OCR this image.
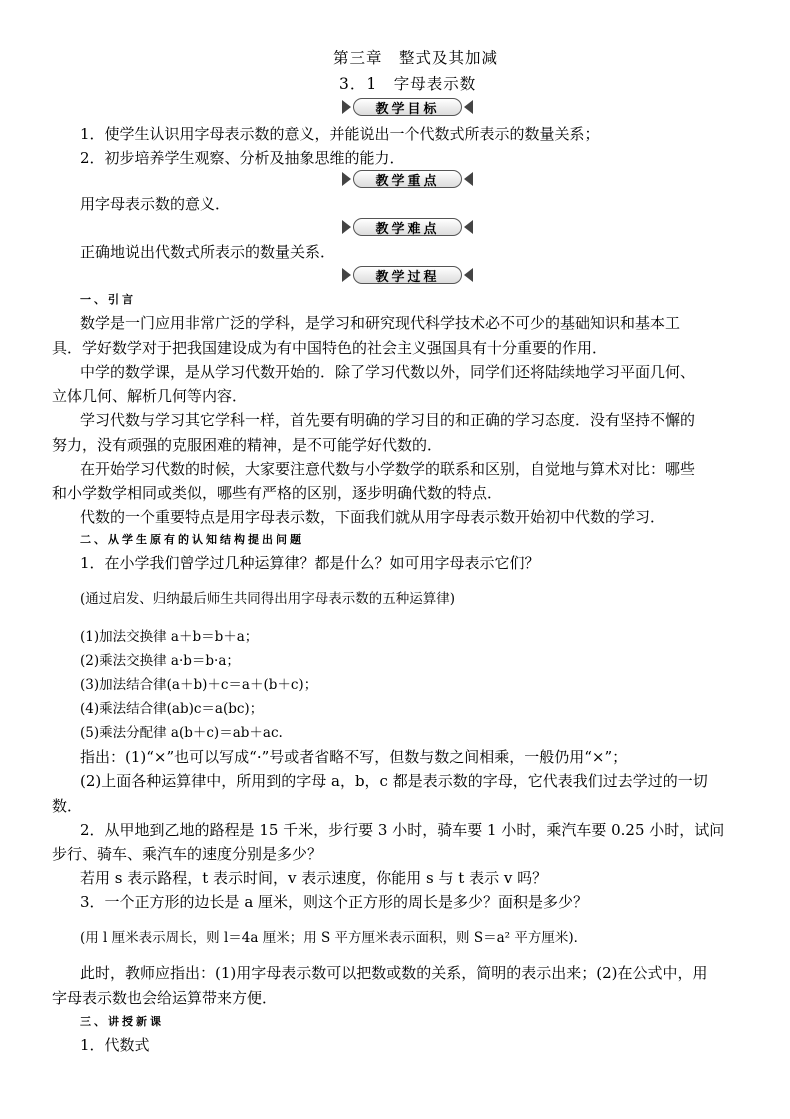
第三章　整式及其加减
3．1　字母表示数
教学目标
1．使学生认识用字母表示数的意义，并能说出一个代数式所表示的数量关系；
2．初步培养学生观察、分析及抽象思维的能力．
教学重点
用字母表示数的意义．
教学难点
正确地说出代数式所表示的数量关系．
教学过程
一、引言
数学是一门应用非常广泛的学科，是学习和研究现代科学技术必不可少的基础知识和基本工
具．学好数学对于把我国建设成为有中国特色的社会主义强国具有十分重要的作用．
中学的数学课，是从学习代数开始的．除了学习代数以外，同学们还将陆续地学习平面几何、
立体几何、解析几何等内容．
学习代数与学习其它学科一样，首先要有明确的学习目的和正确的学习态度．没有坚持不懈的
努力，没有顽强的克服困难的精神，是不可能学好代数的．
在开始学习代数的时候，大家要注意代数与小学数学的联系和区别，自觉地与算术对比：哪些
和小学数学相同或类似，哪些有严格的区别，逐步明确代数的特点．
代数的一个重要特点是用字母表示数，下面我们就从用字母表示数开始初中代数的学习．
二、从学生原有的认知结构提出问题
1．在小学我们曾学过几种运算律？都是什么？如可用字母表示它们？
(通过启发、归纳最后师生共同得出用字母表示数的五种运算律)
(1)加法交换律 a＋b＝b＋a；
(2)乘法交换律 a·b＝b·a；
(3)加法结合律(a＋b)＋c＝a＋(b＋c)；
(4)乘法结合律(ab)c＝a(bc)；
(5)乘法分配律 a(b＋c)＝ab＋ac.
指出：(1)“×”也可以写成“·”号或者省略不写，但数与数之间相乘，一般仍用“×”；
(2)上面各种运算律中，所用到的字母 a，b，c 都是表示数的字母，它代表我们过去学过的一切
数．
2．从甲地到乙地的路程是 15 千米，步行要 3 小时，骑车要 1 小时，乘汽车要 0.25 小时，试问
步行、骑车、乘汽车的速度分别是多少？
若用 s 表示路程，t 表示时间，v 表示速度，你能用 s 与 t 表示 v 吗？
3．一个正方形的边长是 a 厘米，则这个正方形的周长是多少？面积是多少？
(用 l 厘米表示周长，则 l＝4a 厘米；用 S 平方厘米表示面积，则 S＝a² 平方厘米)．
此时，教师应指出：(1)用字母表示数可以把数或数的关系，简明的表示出来；(2)在公式中，用
字母表示数也会给运算带来方便．
三、讲授新课
1．代数式
